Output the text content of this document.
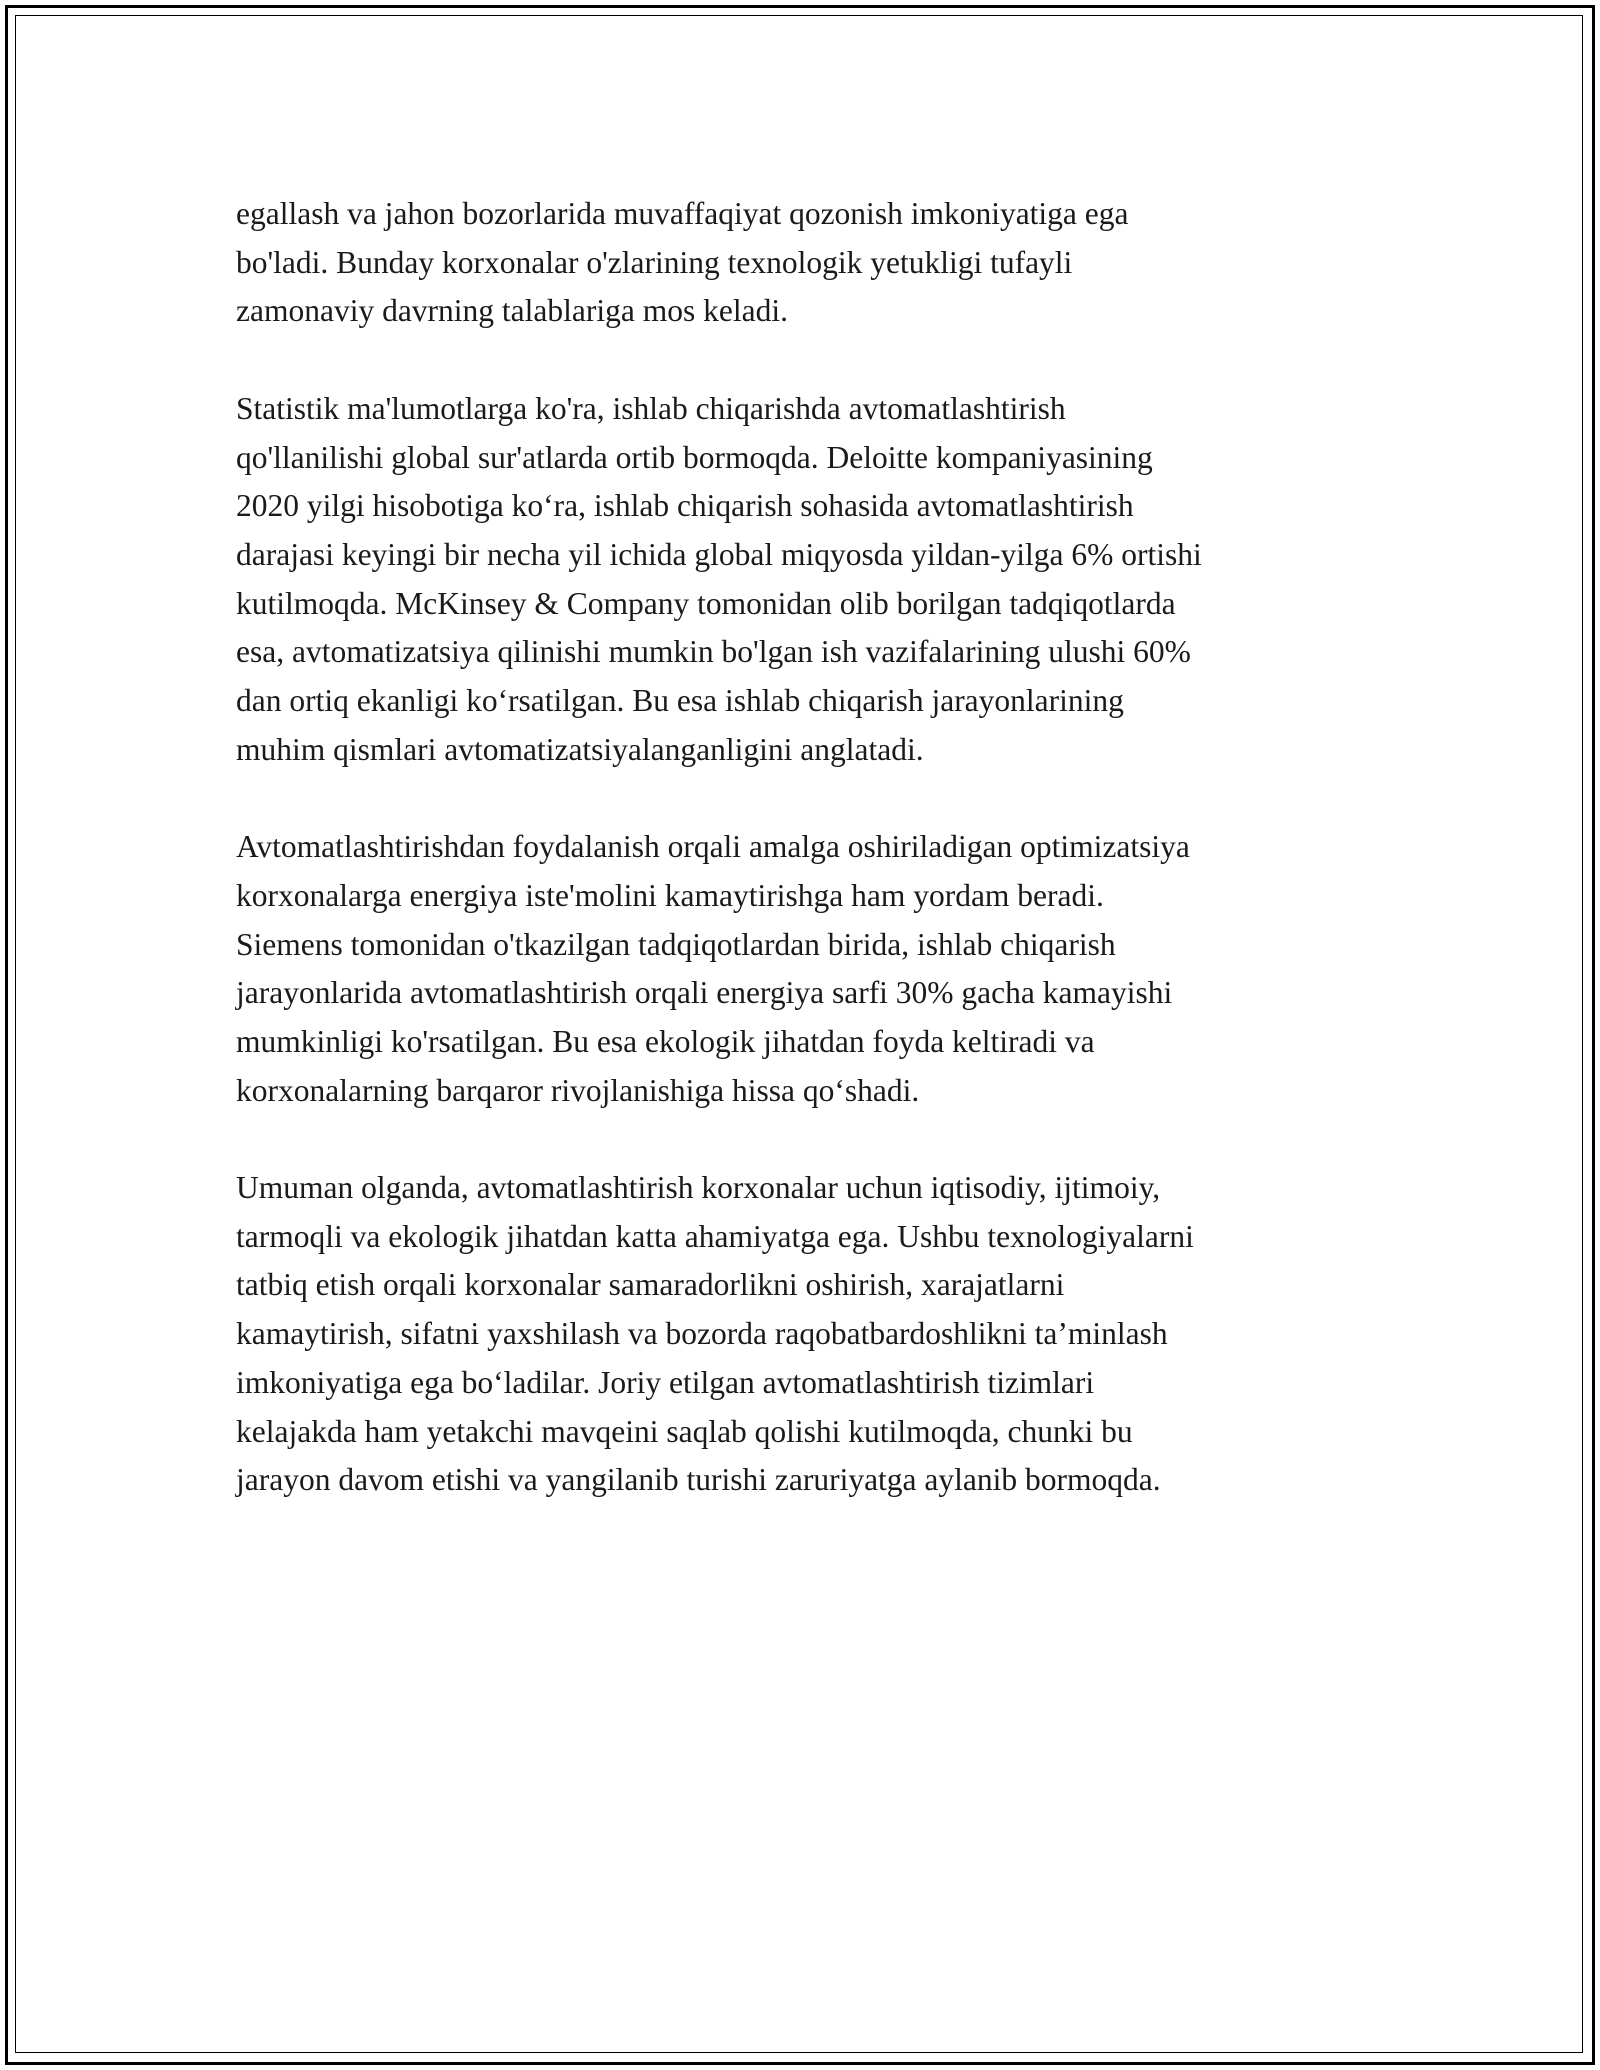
egallash va jahon bozorlarida muvaffaqiyat qozonish imkoniyatiga ega
bo'ladi. Bunday korxonalar o'zlarining texnologik yetukligi tufayli
zamonaviy davrning talablariga mos keladi.

Statistik ma'lumotlarga ko'ra, ishlab chiqarishda avtomatlashtirish
qo'llanilishi global sur'atlarda ortib bormoqda. Deloitte kompaniyasining
2020 yilgi hisobotiga ko‘ra, ishlab chiqarish sohasida avtomatlashtirish
darajasi keyingi bir necha yil ichida global miqyosda yildan-yilga 6% ortishi
kutilmoqda. McKinsey & Company tomonidan olib borilgan tadqiqotlarda
esa, avtomatizatsiya qilinishi mumkin bo'lgan ish vazifalarining ulushi 60%
dan ortiq ekanligi ko‘rsatilgan. Bu esa ishlab chiqarish jarayonlarining
muhim qismlari avtomatizatsiyalanganligini anglatadi.

Avtomatlashtirishdan foydalanish orqali amalga oshiriladigan optimizatsiya
korxonalarga energiya iste'molini kamaytirishga ham yordam beradi.
Siemens tomonidan o'tkazilgan tadqiqotlardan birida, ishlab chiqarish
jarayonlarida avtomatlashtirish orqali energiya sarfi 30% gacha kamayishi
mumkinligi ko'rsatilgan. Bu esa ekologik jihatdan foyda keltiradi va
korxonalarning barqaror rivojlanishiga hissa qo‘shadi.

Umuman olganda, avtomatlashtirish korxonalar uchun iqtisodiy, ijtimoiy,
tarmoqli va ekologik jihatdan katta ahamiyatga ega. Ushbu texnologiyalarni
tatbiq etish orqali korxonalar samaradorlikni oshirish, xarajatlarni
kamaytirish, sifatni yaxshilash va bozorda raqobatbardoshlikni ta’minlash
imkoniyatiga ega bo‘ladilar. Joriy etilgan avtomatlashtirish tizimlari
kelajakda ham yetakchi mavqeini saqlab qolishi kutilmoqda, chunki bu
jarayon davom etishi va yangilanib turishi zaruriyatga aylanib bormoqda.
